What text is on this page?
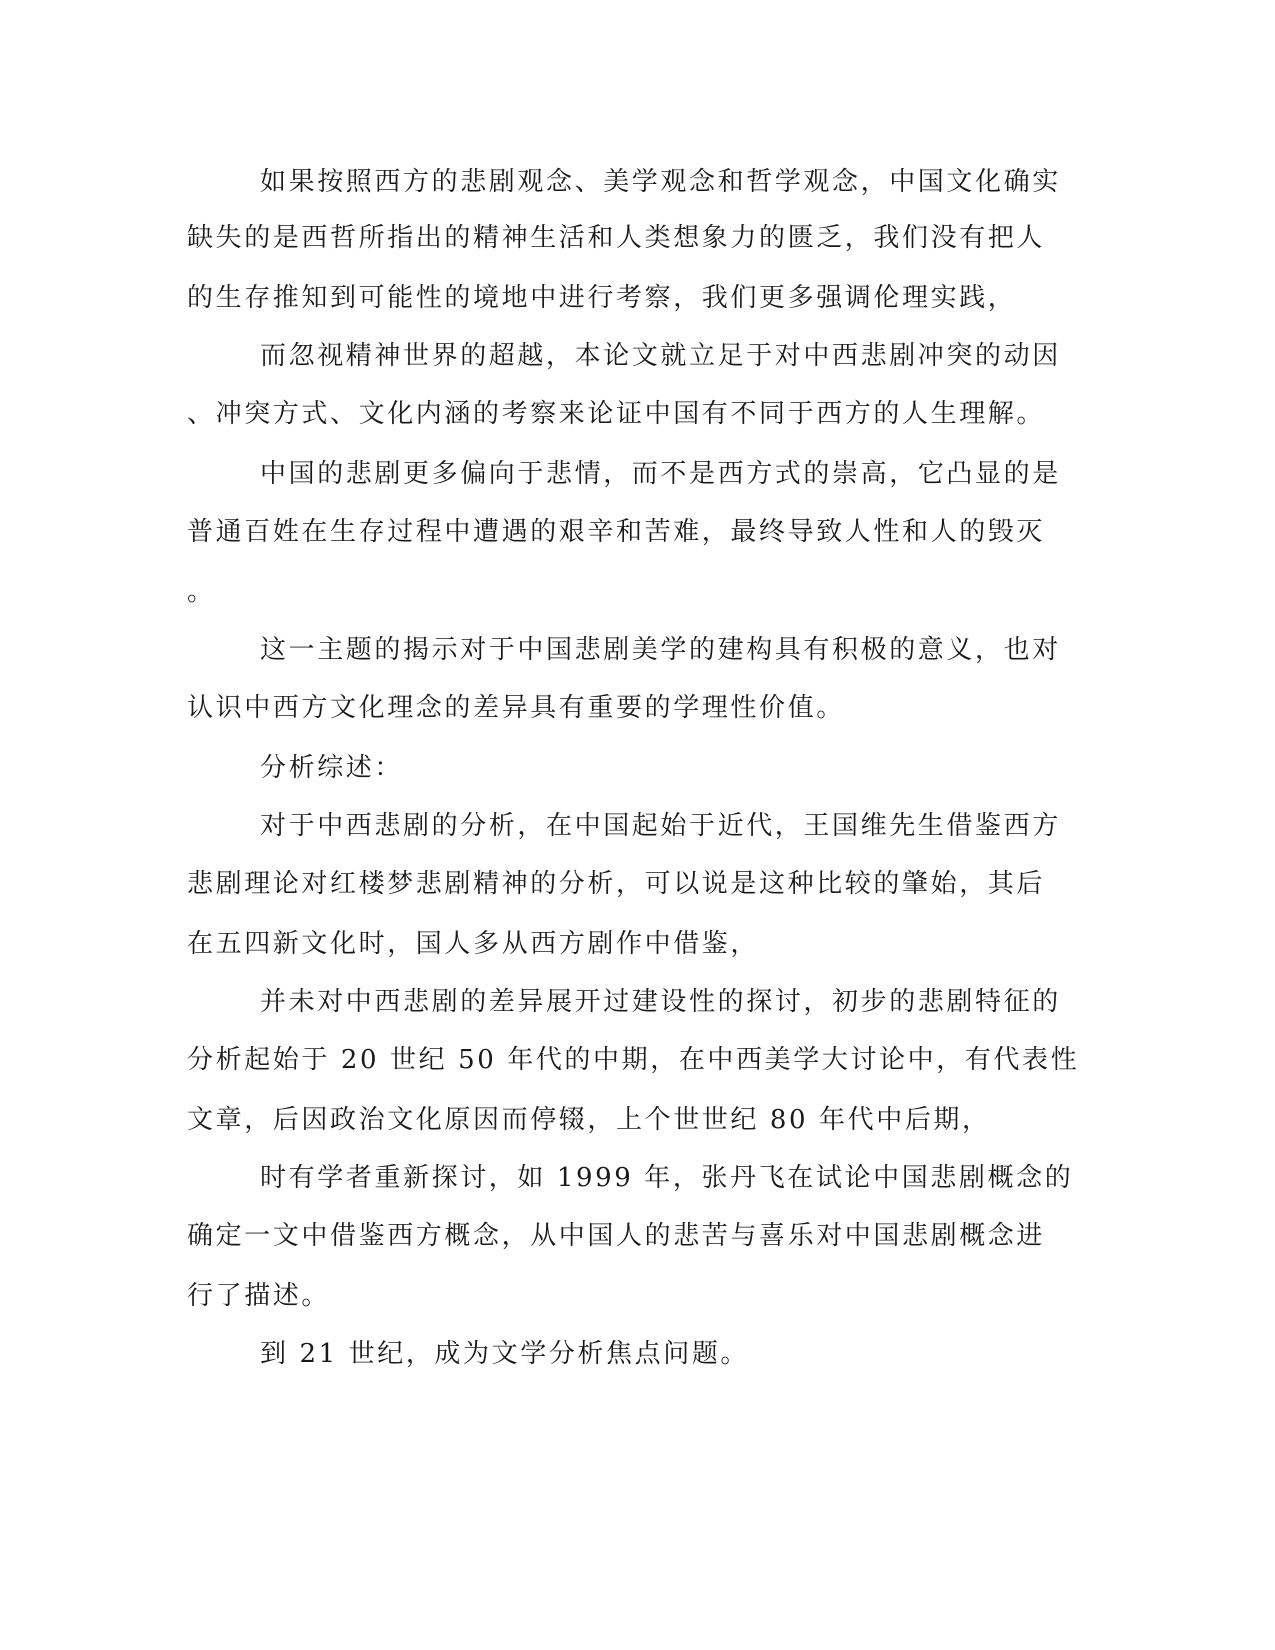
如果按照西方的悲剧观念、美学观念和哲学观念，中国文化确实
缺失的是西哲所指出的精神生活和人类想象力的匮乏，我们没有把人
的生存推知到可能性的境地中进行考察，我们更多强调伦理实践，
而忽视精神世界的超越，本论文就立足于对中西悲剧冲突的动因
、冲突方式、文化内涵的考察来论证中国有不同于西方的人生理解。
中国的悲剧更多偏向于悲情，而不是西方式的崇高，它凸显的是
普通百姓在生存过程中遭遇的艰辛和苦难，最终导致人性和人的毁灭
。
这一主题的揭示对于中国悲剧美学的建构具有积极的意义，也对
认识中西方文化理念的差异具有重要的学理性价值。
分析综述：
对于中西悲剧的分析，在中国起始于近代，王国维先生借鉴西方
悲剧理论对红楼梦悲剧精神的分析，可以说是这种比较的肇始，其后
在五四新文化时，国人多从西方剧作中借鉴，
并未对中西悲剧的差异展开过建设性的探讨，初步的悲剧特征的
分析起始于 20 世纪 50 年代的中期，在中西美学大讨论中，有代表性
文章，后因政治文化原因而停辍，上个世世纪 80 年代中后期，
时有学者重新探讨，如 1999 年，张丹飞在试论中国悲剧概念的
确定一文中借鉴西方概念，从中国人的悲苦与喜乐对中国悲剧概念进
行了描述。
到 21 世纪，成为文学分析焦点问题。
